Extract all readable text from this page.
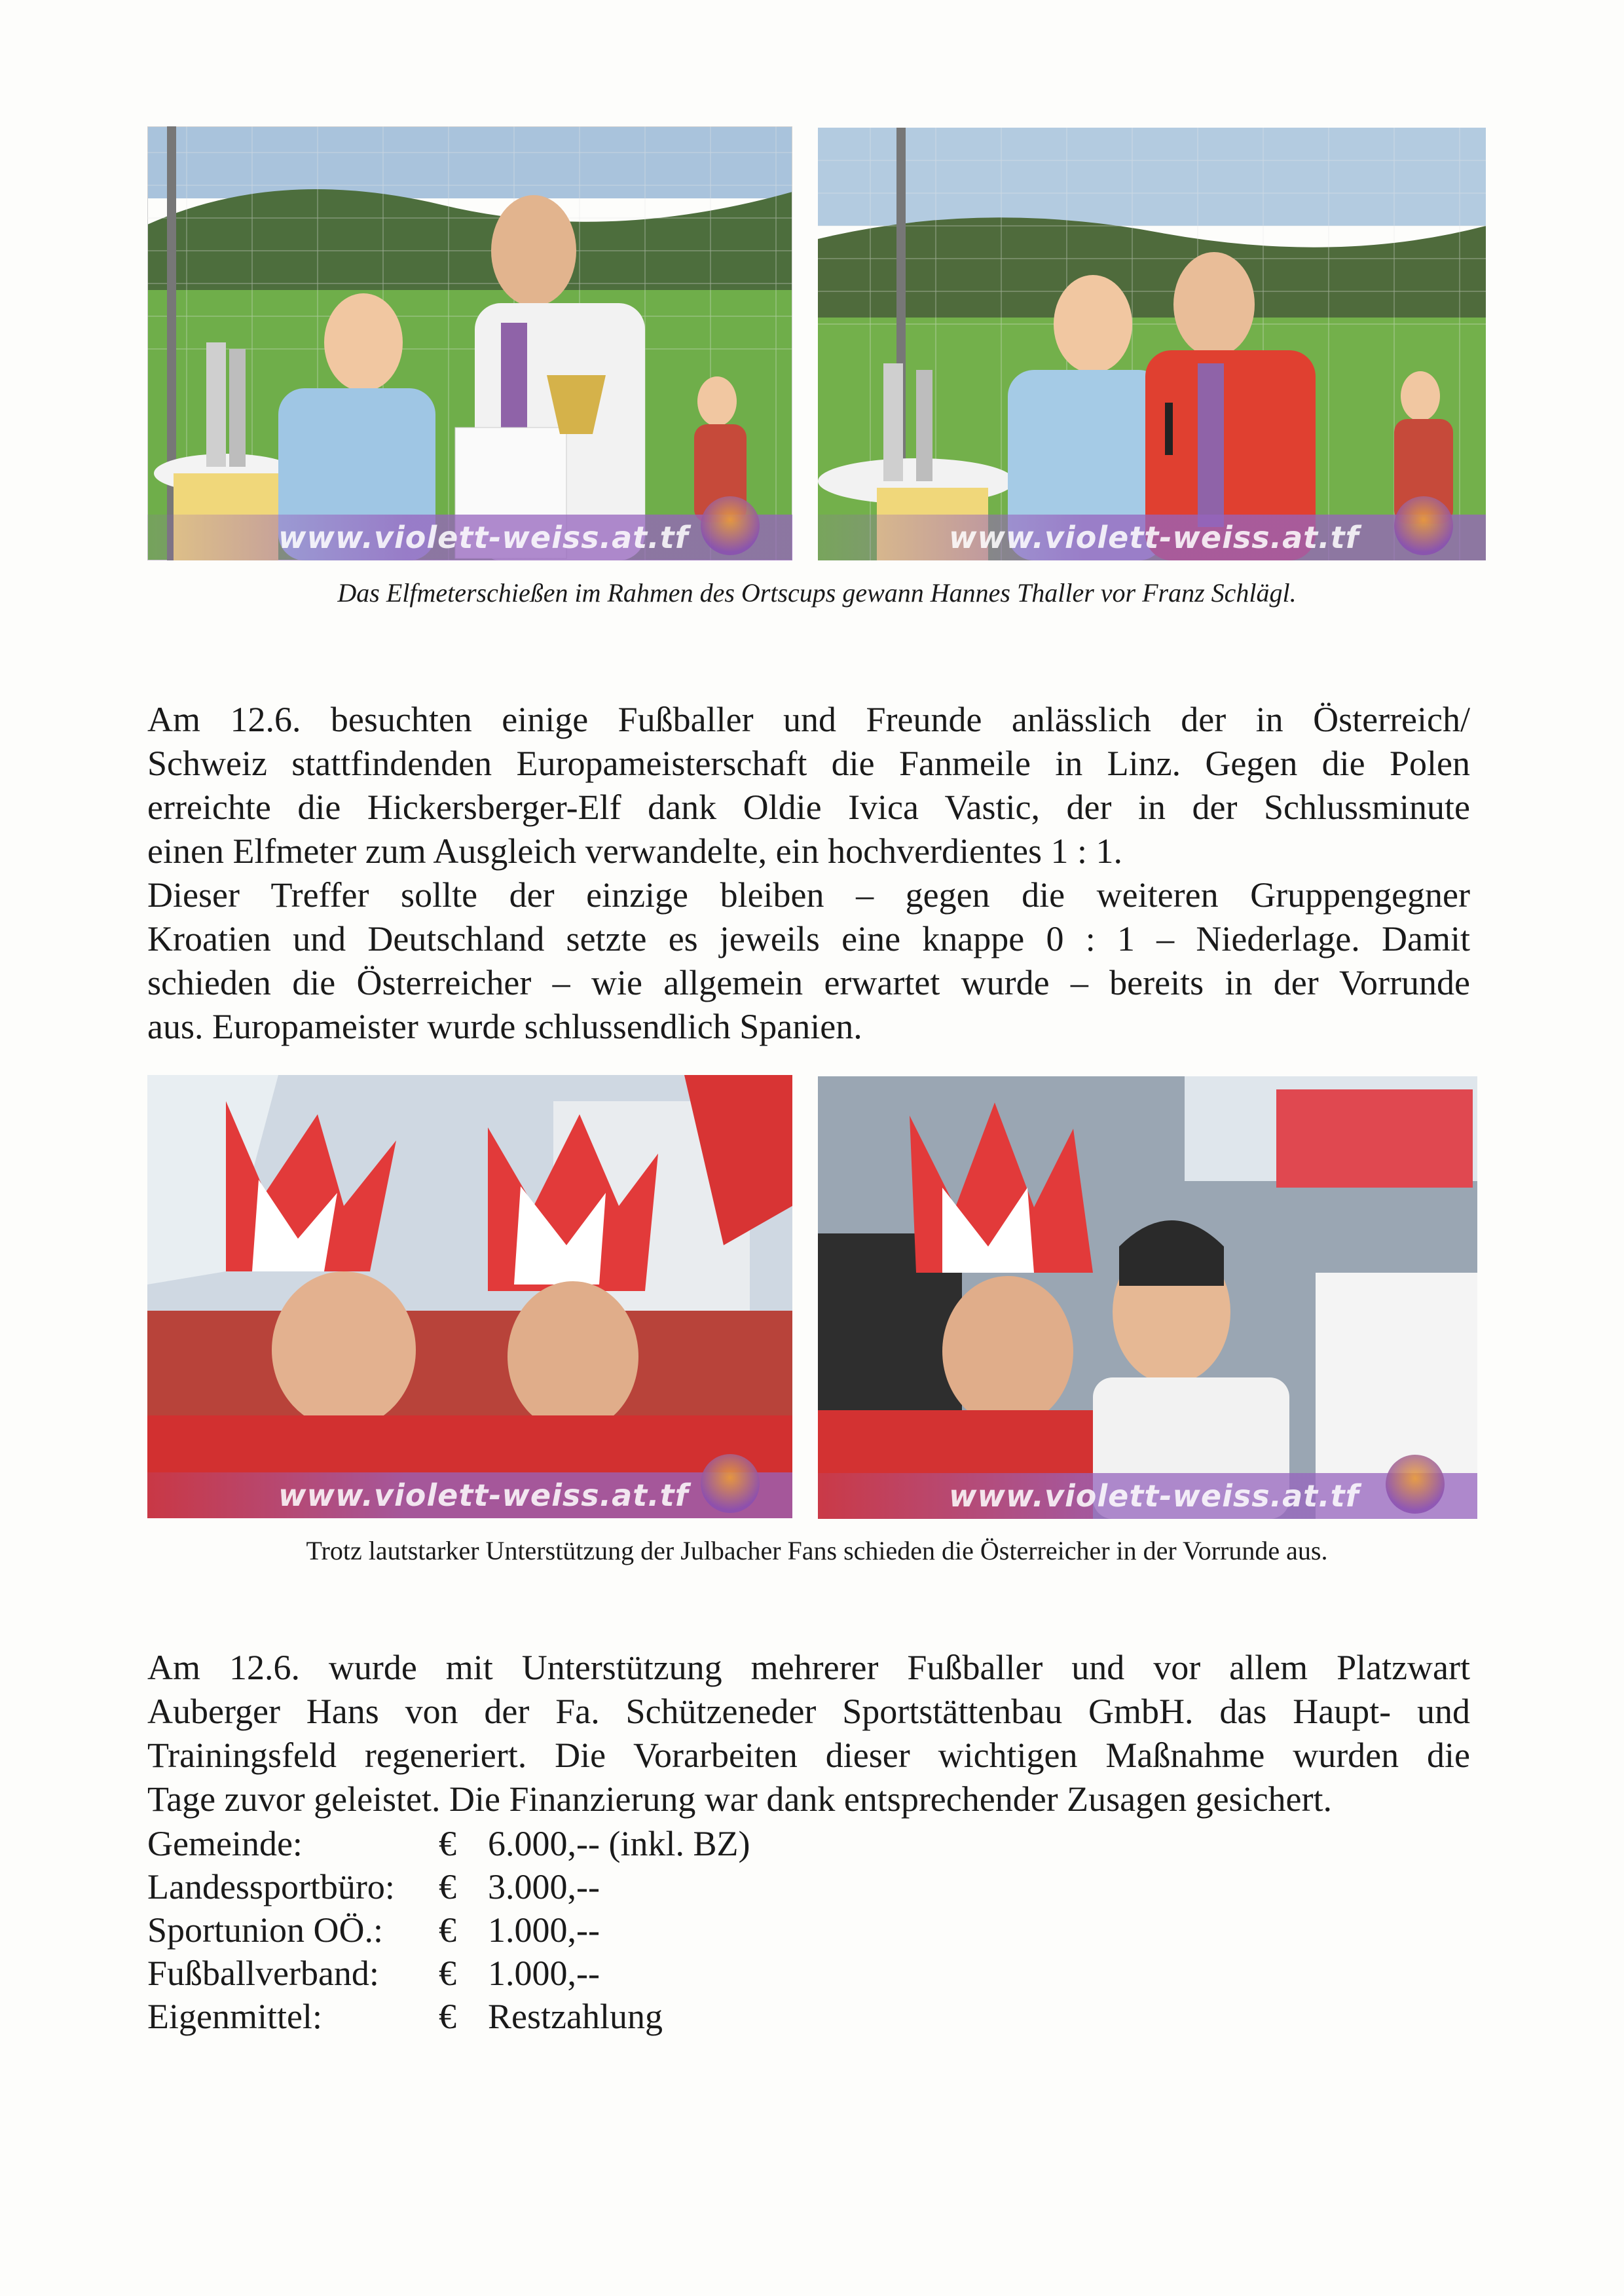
www.violett-weiss.at.tf	www.violett-weiss.at.tf
Das Elfmeterschießen im Rahmen des Ortscups gewann Hannes Thaller vor Franz Schlägl.
Am 12.6. besuchten einige Fußballer und Freunde anlässlich der in Österreich/
Schweiz stattfindenden Europameisterschaft die Fanmeile in Linz. Gegen die Polen
erreichte die Hickersberger-Elf dank Oldie Ivica Vastic, der in der Schlussminute
einen Elfmeter zum Ausgleich verwandelte, ein hochverdientes 1 : 1.
Dieser Treffer sollte der einzige bleiben – gegen die weiteren Gruppengegner
Kroatien und Deutschland setzte es jeweils eine knappe 0 : 1 – Niederlage. Damit
schieden die Österreicher – wie allgemein erwartet wurde – bereits in der Vorrunde
aus. Europameister wurde schlussendlich Spanien.
www.violett-weiss.at.tf	www.violett-weiss.at.tf
Trotz lautstarker Unterstützung der Julbacher Fans schieden die Österreicher in der Vorrunde aus.
Am 12.6. wurde mit Unterstützung mehrerer Fußballer und vor allem Platzwart
Auberger Hans von der Fa. Schützeneder Sportstättenbau GmbH. das Haupt- und
Trainingsfeld regeneriert. Die Vorarbeiten dieser wichtigen Maßnahme wurden die
Tage zuvor geleistet. Die Finanzierung war dank entsprechender Zusagen gesichert.
Gemeinde:	€ 6.000,-- (inkl. BZ)
Landessportbüro:	€ 3.000,--
Sportunion OÖ.:	€ 1.000,--
Fußballverband:	€ 1.000,--
Eigenmittel:	€ Restzahlung
